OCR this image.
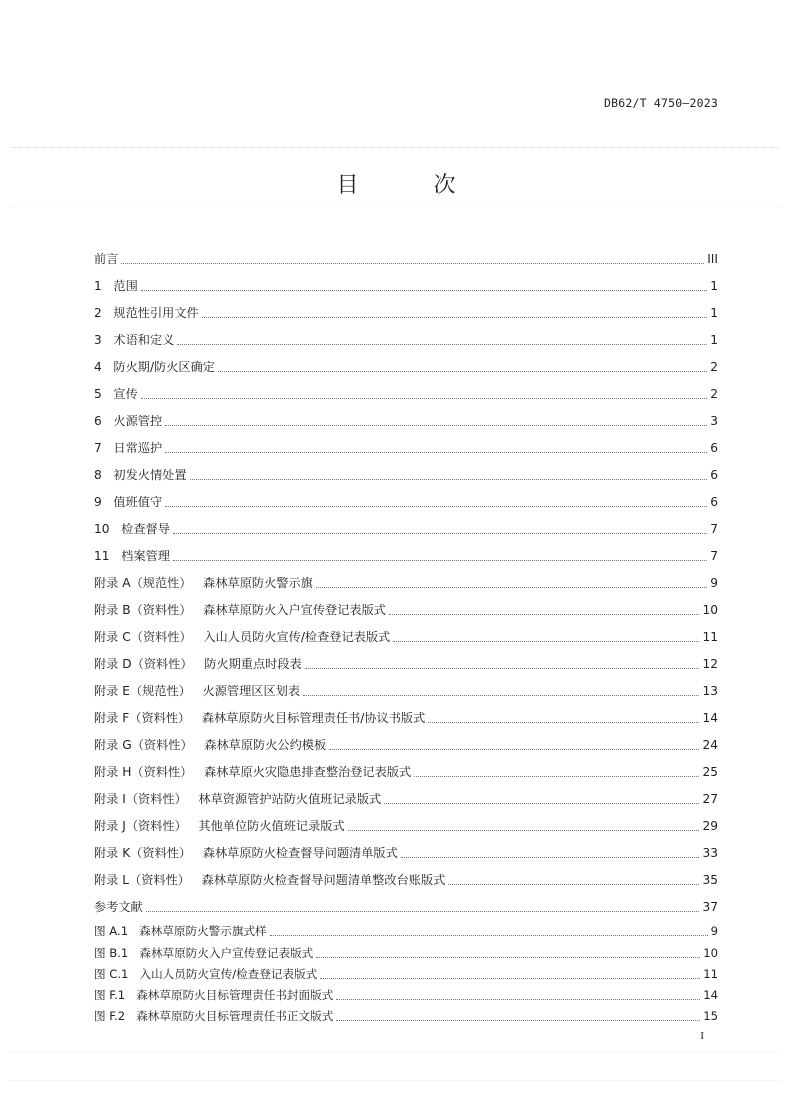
DB62/T 4750—2023
目 次
前言	III
1   范围	1
2   规范性引用文件	1
3   术语和定义	1
4   防火期/防火区确定	2
5   宣传	2
6   火源管控	3
7   日常巡护	6
8   初发火情处置	6
9   值班值守	6
10   检查督导	7
11   档案管理	7
附录 A（规范性）   森林草原防火警示旗	9
附录 B（资料性）   森林草原防火入户宣传登记表版式	10
附录 C（资料性）   入山人员防火宣传/检查登记表版式	11
附录 D（资料性）   防火期重点时段表	12
附录 E（规范性）   火源管理区区划表	13
附录 F（资料性）   森林草原防火目标管理责任书/协议书版式	14
附录 G（资料性）   森林草原防火公约模板	24
附录 H（资料性）   森林草原火灾隐患排查整治登记表版式	25
附录 I（资料性）   林草资源管护站防火值班记录版式	27
附录 J（资料性）   其他单位防火值班记录版式	29
附录 K（资料性）   森林草原防火检查督导问题清单版式	33
附录 L（资料性）   森林草原防火检查督导问题清单整改台账版式	35
参考文献	37
图 A.1   森林草原防火警示旗式样	9
图 B.1   森林草原防火入户宣传登记表版式	10
图 C.1   入山人员防火宣传/检查登记表版式	11
图 F.1   森林草原防火目标管理责任书封面版式	14
图 F.2   森林草原防火目标管理责任书正文版式	15
I
